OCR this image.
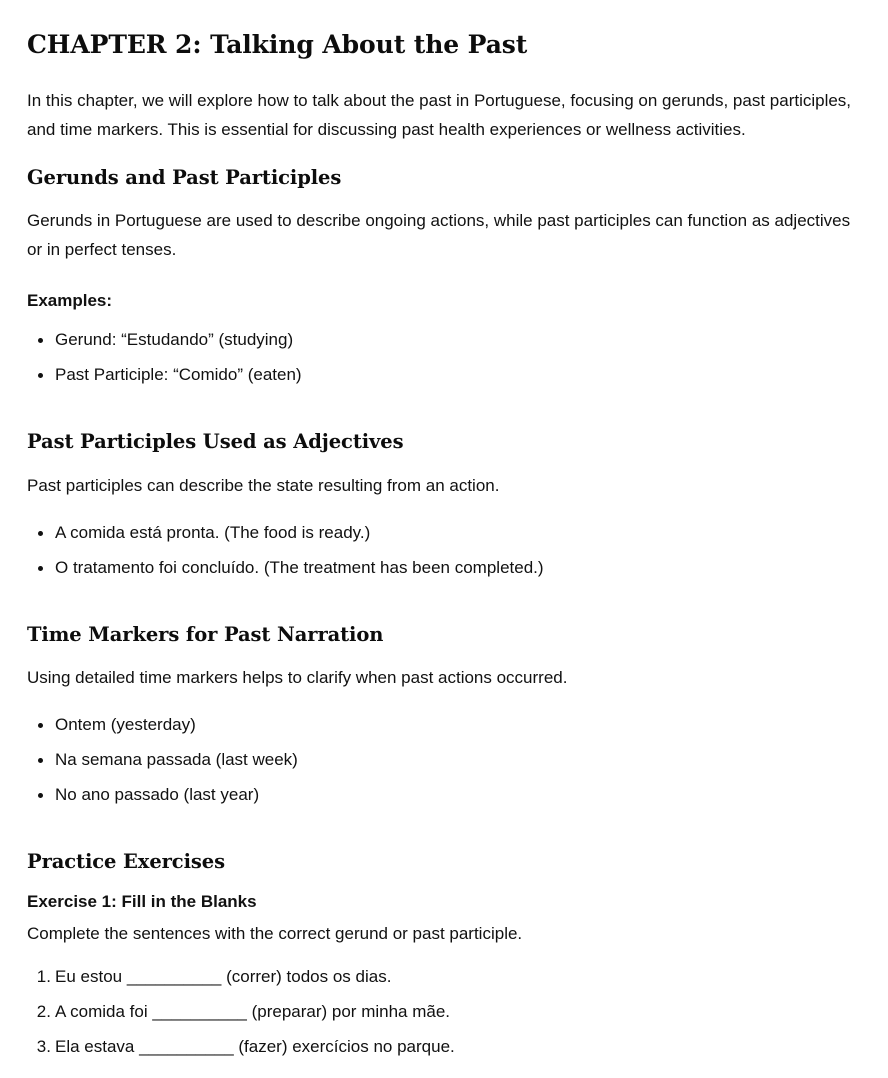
CHAPTER 2: Talking About the Past

In this chapter, we will explore how to talk about the past in Portuguese, focusing on gerunds, past participles, and time markers. This is essential for discussing past health experiences or wellness activities.

Gerunds and Past Participles

Gerunds in Portuguese are used to describe ongoing actions, while past participles can function as adjectives or in perfect tenses.

Examples:

Gerund: “Estudando” (studying)
Past Participle: “Comido” (eaten)
Past Participles Used as Adjectives

Past participles can describe the state resulting from an action.

A comida está pronta. (The food is ready.)
O tratamento foi concluído. (The treatment has been completed.)
Time Markers for Past Narration

Using detailed time markers helps to clarify when past actions occurred.

Ontem (yesterday)
Na semana passada (last week)
No ano passado (last year)
Practice Exercises
Exercise 1: Fill in the Blanks

Complete the sentences with the correct gerund or past participle.

Eu estou __________ (correr) todos os dias.
A comida foi __________ (preparar) por minha mãe.
Ela estava __________ (fazer) exercícios no parque.
